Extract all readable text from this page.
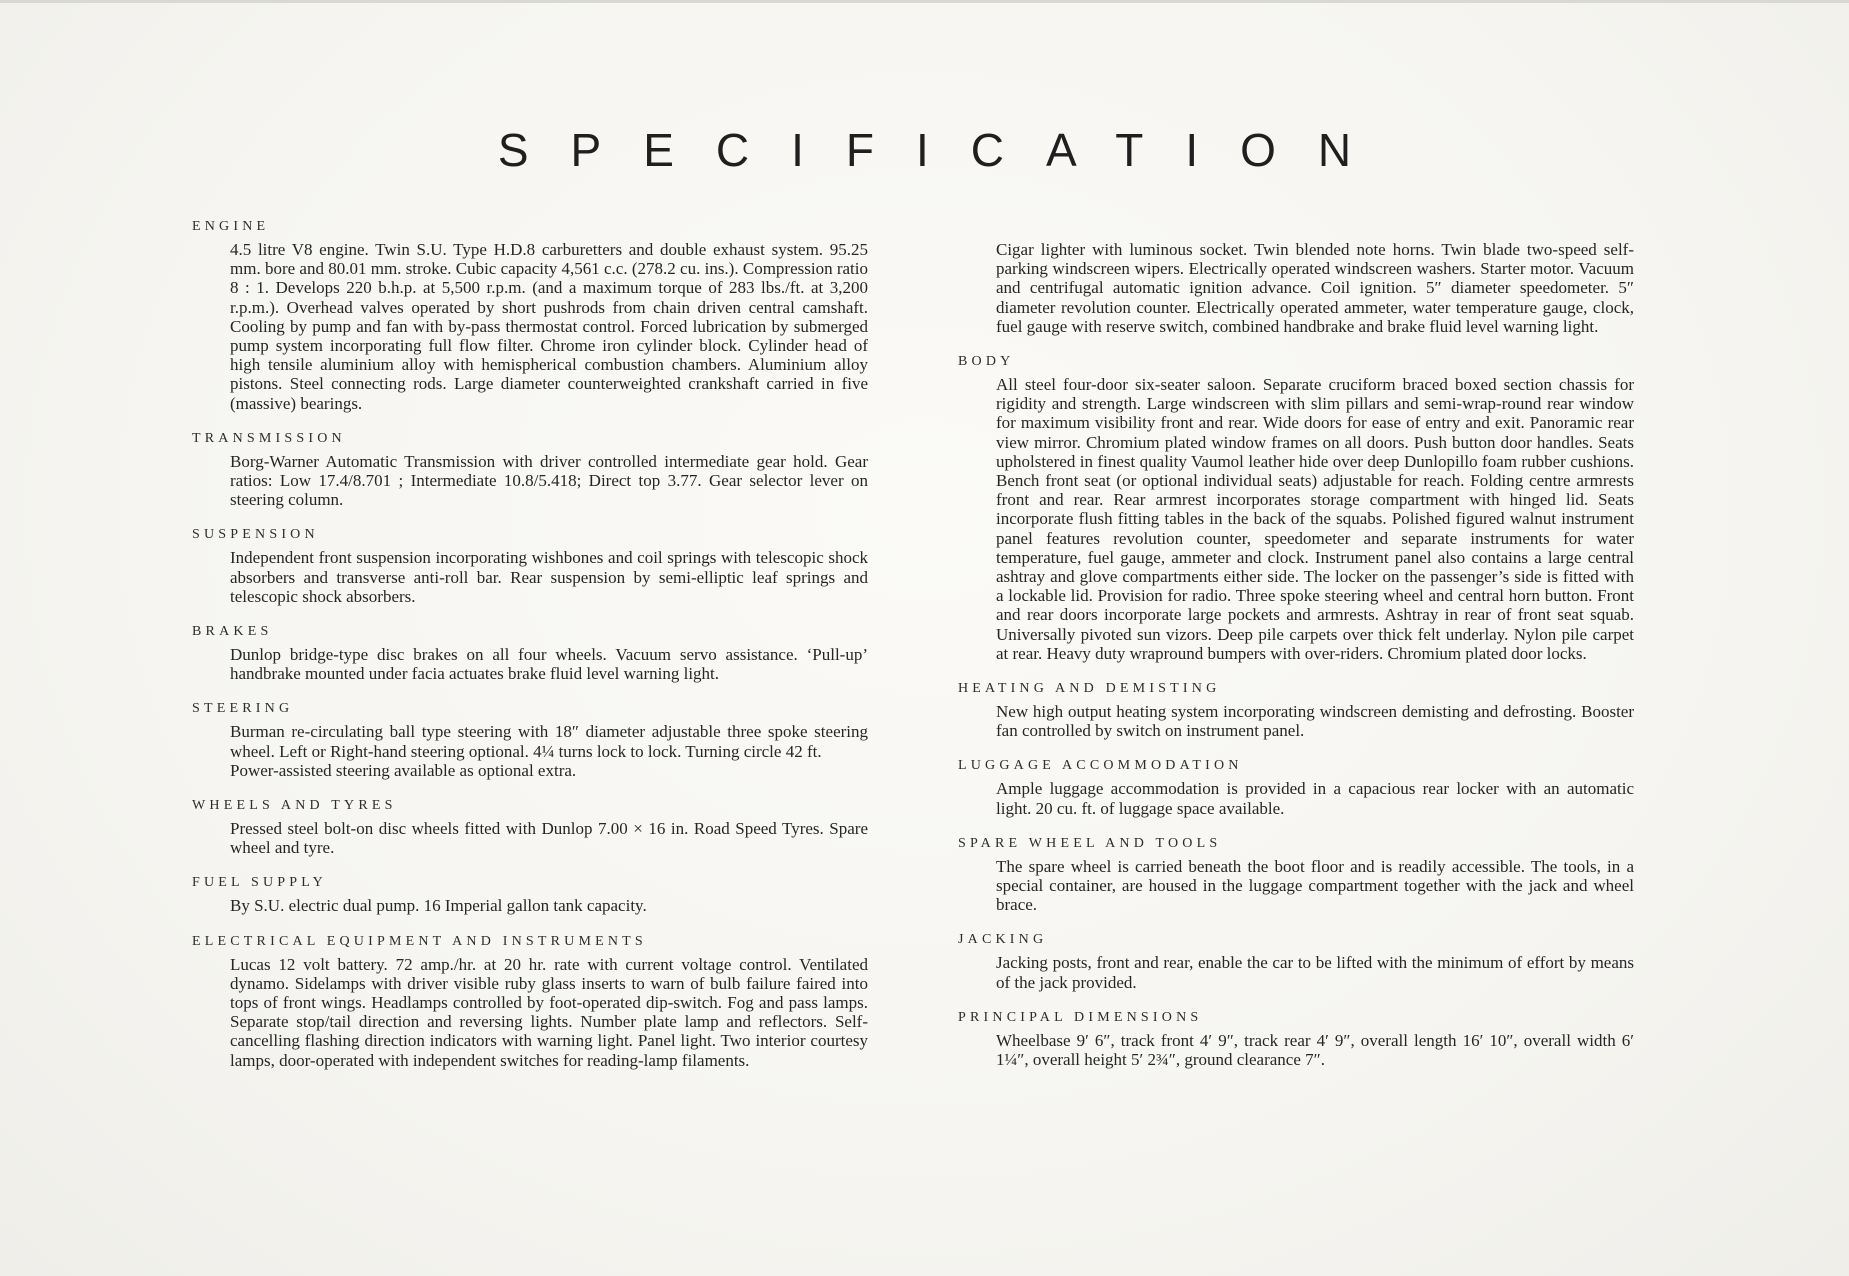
SPECIFICATION
ENGINE

4.5 litre V8 engine. Twin S.U. Type H.D.8 carburetters and double exhaust system. 95.25 mm. bore and 80.01 mm. stroke. Cubic capacity 4,561 c.c. (278.2 cu. ins.). Compression ratio 8 : 1. Develops 220 b.h.p. at 5,500 r.p.m. (and a maximum torque of 283 lbs./ft. at 3,200 r.p.m.). Overhead valves operated by short pushrods from chain driven central camshaft. Cooling by pump and fan with by-pass thermostat control. Forced lubrication by submerged pump system incorporating full flow filter. Chrome iron cylinder block. Cylinder head of high tensile aluminium alloy with hemispherical combustion chambers. Aluminium alloy pistons. Steel connecting rods. Large diameter counterweighted crankshaft carried in five (massive) bearings.

TRANSMISSION

Borg-Warner Automatic Transmission with driver controlled intermediate gear hold. Gear ratios: Low 17.4/8.701 ; Intermediate 10.8/5.418; Direct top 3.77. Gear selector lever on steering column.

SUSPENSION

Independent front suspension incorporating wishbones and coil springs with telescopic shock absorbers and transverse anti-roll bar. Rear suspension by semi-elliptic leaf springs and telescopic shock absorbers.

BRAKES

Dunlop bridge-type disc brakes on all four wheels. Vacuum servo assistance. ‘Pull-up’ handbrake mounted under facia actuates brake fluid level warning light.

STEERING

Burman re-circulating ball type steering with 18″ diameter adjustable three spoke steering wheel. Left or Right-hand steering optional. 4¼ turns lock to lock. Turning circle 42 ft.

Power-assisted steering available as optional extra.

WHEELS AND TYRES

Pressed steel bolt-on disc wheels fitted with Dunlop 7.00 × 16 in. Road Speed Tyres. Spare wheel and tyre.

FUEL SUPPLY

By S.U. electric dual pump. 16 Imperial gallon tank capacity.

ELECTRICAL EQUIPMENT AND INSTRUMENTS

Lucas 12 volt battery. 72 amp./hr. at 20 hr. rate with current voltage control. Ventilated dynamo. Sidelamps with driver visible ruby glass inserts to warn of bulb failure faired into tops of front wings. Headlamps controlled by foot-operated dip-switch. Fog and pass lamps. Separate stop/tail direction and reversing lights. Number plate lamp and reflectors. Self-cancelling flashing direction indicators with warning light. Panel light. Two interior courtesy lamps, door-operated with independent switches for reading-lamp filaments.

Cigar lighter with luminous socket. Twin blended note horns. Twin blade two-speed self-parking windscreen wipers. Electrically operated windscreen washers. Starter motor. Vacuum and centrifugal automatic ignition advance. Coil ignition. 5″ diameter speedometer. 5″ diameter revolution counter. Electrically operated ammeter, water temperature gauge, clock, fuel gauge with reserve switch, combined handbrake and brake fluid level warning light.

BODY

All steel four-door six-seater saloon. Separate cruciform braced boxed section chassis for rigidity and strength. Large windscreen with slim pillars and semi-wrap-round rear window for maximum visibility front and rear. Wide doors for ease of entry and exit. Panoramic rear view mirror. Chromium plated window frames on all doors. Push button door handles. Seats upholstered in finest quality Vaumol leather hide over deep Dunlopillo foam rubber cushions. Bench front seat (or optional individual seats) adjustable for reach. Folding centre armrests front and rear. Rear armrest incorporates storage compartment with hinged lid. Seats incorporate flush fitting tables in the back of the squabs. Polished figured walnut instrument panel features revolution counter, speedometer and separate instruments for water temperature, fuel gauge, ammeter and clock. Instrument panel also contains a large central ashtray and glove compartments either side. The locker on the passenger’s side is fitted with a lockable lid. Provision for radio. Three spoke steering wheel and central horn button. Front and rear doors incorporate large pockets and armrests. Ashtray in rear of front seat squab. Universally pivoted sun vizors. Deep pile carpets over thick felt underlay. Nylon pile carpet at rear. Heavy duty wrapround bumpers with over-riders. Chromium plated door locks.

HEATING AND DEMISTING

New high output heating system incorporating windscreen demisting and defrosting. Booster fan controlled by switch on instrument panel.

LUGGAGE ACCOMMODATION

Ample luggage accommodation is provided in a capacious rear locker with an automatic light. 20 cu. ft. of luggage space available.

SPARE WHEEL AND TOOLS

The spare wheel is carried beneath the boot floor and is readily accessible. The tools, in a special container, are housed in the luggage compartment together with the jack and wheel brace.

JACKING

Jacking posts, front and rear, enable the car to be lifted with the minimum of effort by means of the jack provided.

PRINCIPAL DIMENSIONS

Wheelbase 9′ 6″, track front 4′ 9″, track rear 4′ 9″, overall length 16′ 10″, overall width 6′ 1¼″, overall height 5′ 2¾″, ground clearance 7″.
